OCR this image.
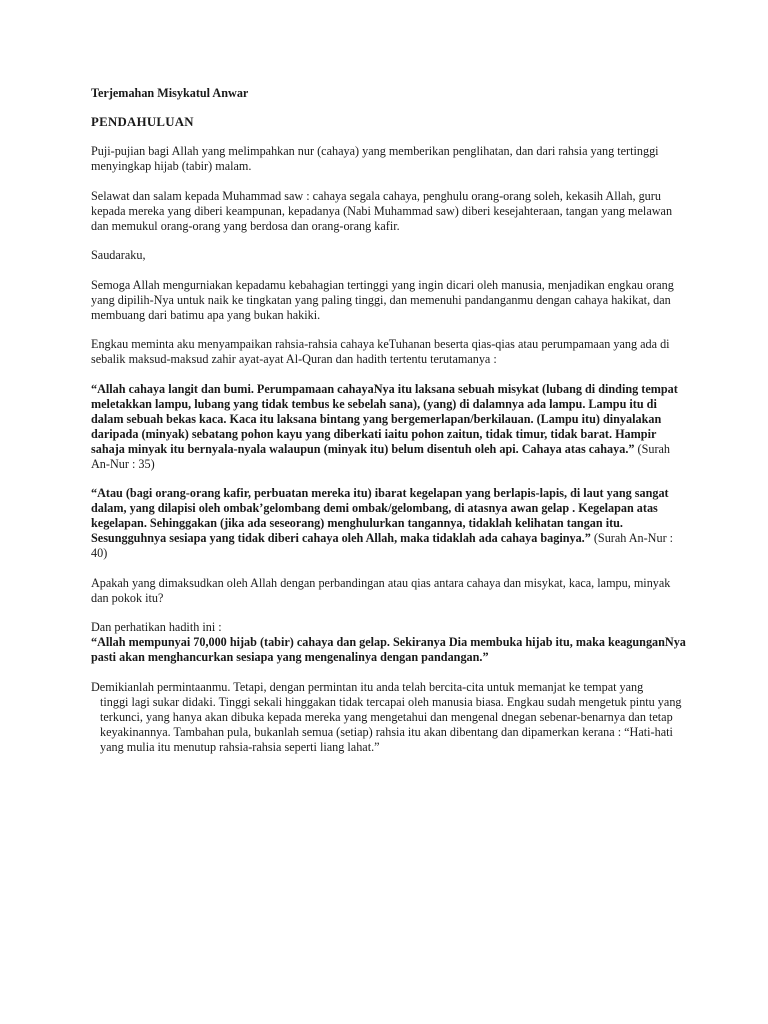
Terjemahan Misykatul Anwar

PENDAHULUAN

Puji-pujian bagi Allah yang melimpahkan nur (cahaya) yang memberikan penglihatan, dan dari rahsia yang tertinggi menyingkap hijab (tabir) malam.

Selawat dan salam kepada Muhammad saw : cahaya segala cahaya, penghulu orang-orang soleh, kekasih Allah, guru kepada mereka yang diberi keampunan, kepadanya (Nabi Muhammad saw) diberi kesejahteraan, tangan yang melawan dan memukul orang-orang yang berdosa dan orang-orang kafir.

Saudaraku,

Semoga Allah mengurniakan kepadamu kebahagian tertinggi yang ingin dicari oleh manusia, menjadikan engkau orang yang dipilih-Nya untuk naik ke tingkatan yang paling tinggi, dan memenuhi pandanganmu dengan cahaya hakikat, dan membuang dari batimu apa yang bukan hakiki.

Engkau meminta aku menyampaikan rahsia-rahsia cahaya keTuhanan beserta qias-qias atau perumpamaan yang ada di sebalik maksud-maksud zahir ayat-ayat Al-Quran dan hadith tertentu terutamanya :

“Allah cahaya langit dan bumi. Perumpamaan cahayaNya itu laksana sebuah misykat (lubang di dinding tempat meletakkan lampu, lubang yang tidak tembus ke sebelah sana), (yang) di dalamnya ada lampu. Lampu itu di dalam sebuah bekas kaca. Kaca itu laksana bintang yang bergemerlapan/berkilauan. (Lampu itu) dinyalakan daripada (minyak) sebatang pohon kayu yang diberkati iaitu pohon zaitun, tidak timur, tidak barat. Hampir sahaja minyak itu bernyala-nyala walaupun (minyak itu) belum disentuh oleh api. Cahaya atas cahaya.” (Surah An-Nur : 35)

“Atau (bagi orang-orang kafir, perbuatan mereka itu) ibarat kegelapan yang berlapis-lapis, di laut yang sangat dalam, yang dilapisi oleh ombak’gelombang demi ombak/gelombang, di atasnya awan gelap . Kegelapan atas kegelapan. Sehinggakan (jika ada seseorang) menghulurkan tangannya, tidaklah kelihatan tangan itu. Sesungguhnya sesiapa yang tidak diberi cahaya oleh Allah, maka tidaklah ada cahaya baginya.” (Surah An-Nur : 40)

Apakah yang dimaksudkan oleh Allah dengan perbandingan atau qias antara cahaya dan misykat, kaca, lampu, minyak dan pokok itu?

Dan perhatikan hadith ini :

“Allah mempunyai 70,000 hijab (tabir) cahaya dan gelap. Sekiranya Dia membuka hijab itu, maka keagunganNya pasti akan menghancurkan sesiapa yang mengenalinya dengan pandangan.”

Demikianlah permintaanmu. Tetapi, dengan permintan itu anda telah bercita-cita untuk memanjat ke tempat yang
tinggi lagi sukar didaki. Tinggi sekali hinggakan tidak tercapai oleh manusia biasa. Engkau sudah mengetuk pintu yang terkunci, yang hanya akan dibuka kepada mereka yang mengetahui dan mengenal dnegan sebenar-benarnya dan tetap keyakinannya. Tambahan pula, bukanlah semua (setiap) rahsia itu akan dibentang dan dipamerkan kerana : “Hati-hati yang mulia itu menutup rahsia-rahsia seperti liang lahat.”
